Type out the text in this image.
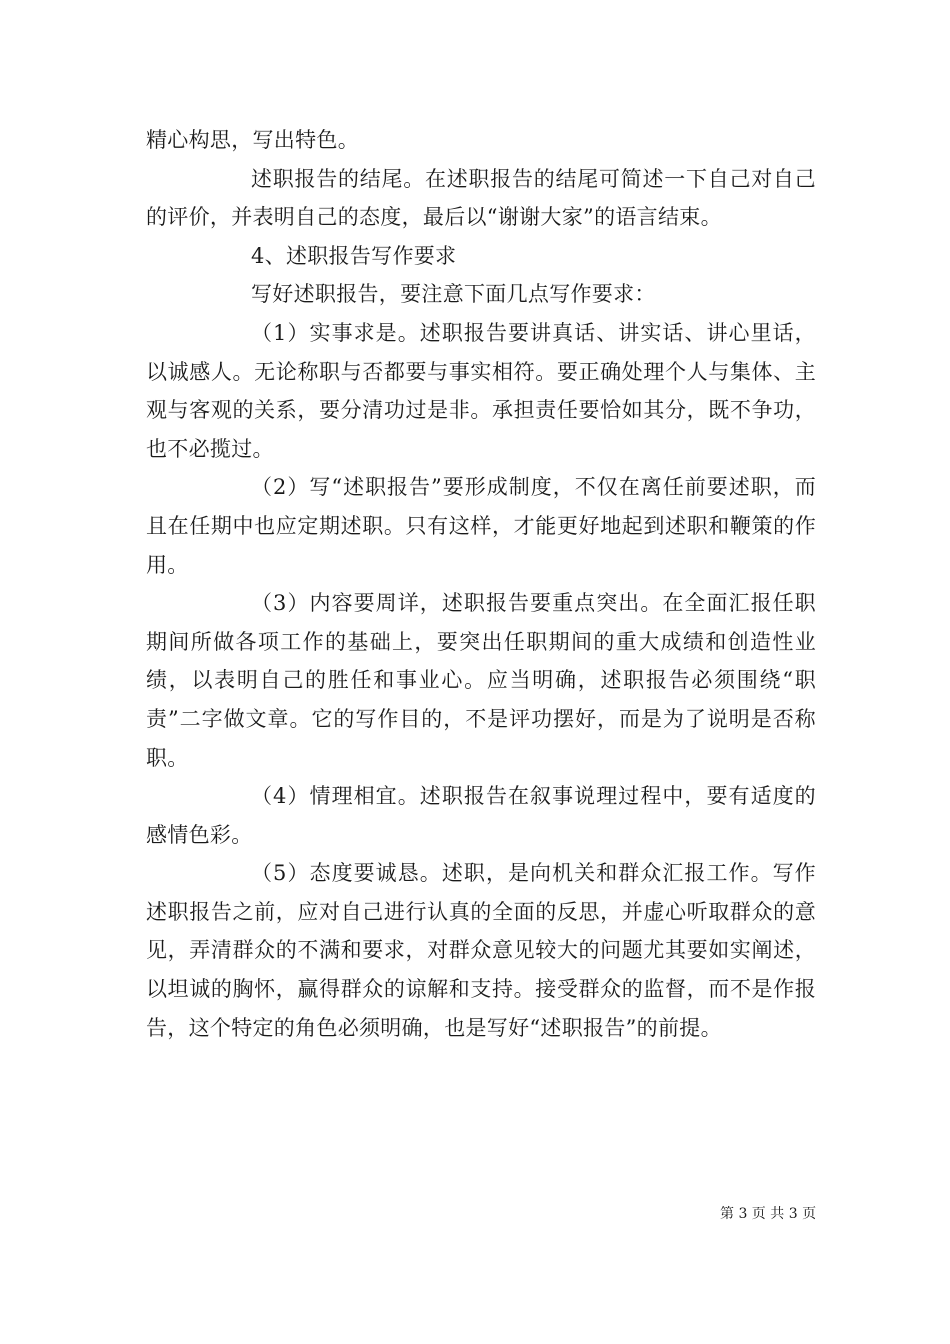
精心构思，写出特色。

述职报告的结尾。在述职报告的结尾可简述一下自己对自己的评价，并表明自己的态度，最后以“谢谢大家”的语言结束。

4、述职报告写作要求

写好述职报告，要注意下面几点写作要求：

（1）实事求是。述职报告要讲真话、讲实话、讲心里话，以诚感人。无论称职与否都要与事实相符。要正确处理个人与集体、主观与客观的关系，要分清功过是非。承担责任要恰如其分，既不争功，也不必揽过。

（2）写“述职报告”要形成制度，不仅在离任前要述职，而且在任期中也应定期述职。只有这样，才能更好地起到述职和鞭策的作用。

（3）内容要周详，述职报告要重点突出。在全面汇报任职期间所做各项工作的基础上，要突出任职期间的重大成绩和创造性业绩，以表明自己的胜任和事业心。应当明确，述职报告必须围绕“职责”二字做文章。它的写作目的，不是评功摆好，而是为了说明是否称职。

（4）情理相宜。述职报告在叙事说理过程中，要有适度的感情色彩。

（5）态度要诚恳。述职，是向机关和群众汇报工作。写作述职报告之前，应对自己进行认真的全面的反思，并虚心听取群众的意见，弄清群众的不满和要求，对群众意见较大的问题尤其要如实阐述，以坦诚的胸怀，赢得群众的谅解和支持。接受群众的监督，而不是作报告，这个特定的角色必须明确，也是写好“述职报告”的前提。

第 3 页 共 3 页
